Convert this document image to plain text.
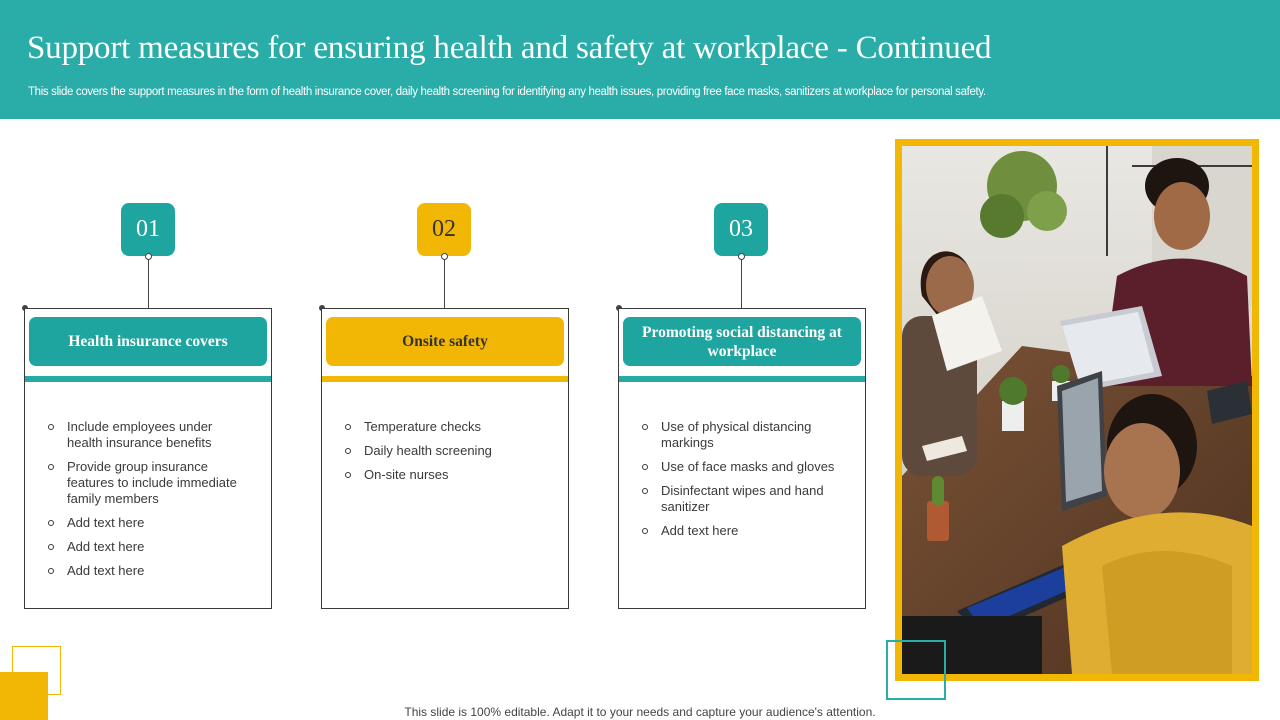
Support measures for ensuring health and safety at workplace - Continued
This slide covers the support measures in the form of health insurance cover, daily health screening for identifying any health issues, providing free face masks, sanitizers at workplace for personal safety.
01
Health insurance covers
Include employees under health insurance benefits
Provide group insurance features to include immediate family members
Add text here
Add text here
Add text here
02
Onsite safety
Temperature checks
Daily health screening
On-site nurses
03
Promoting social distancing at workplace
Use of physical distancing markings
Use of face masks and gloves
Disinfectant wipes and hand sanitizer
Add text here
This slide is 100% editable. Adapt it to your needs and capture your audience's attention.
